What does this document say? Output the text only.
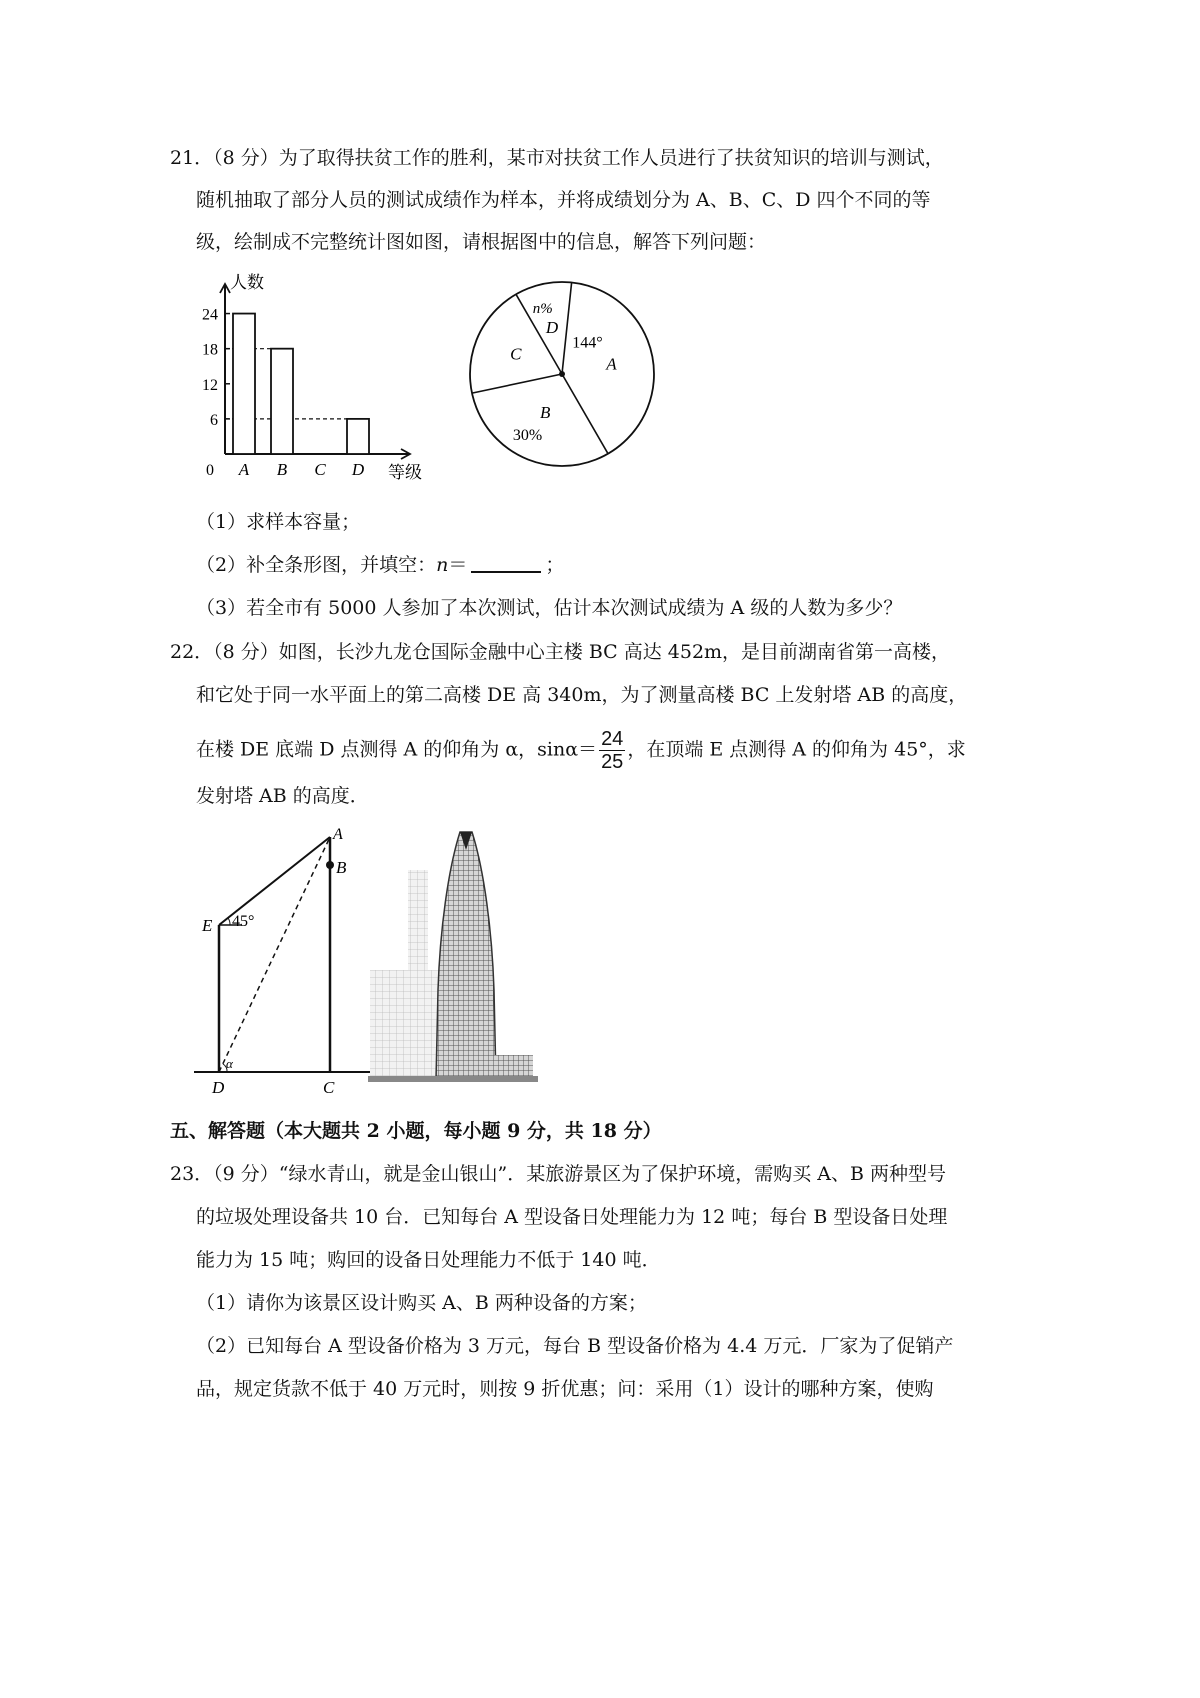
21．（8 分）为了取得扶贫工作的胜利，某市对扶贫工作人员进行了扶贫知识的培训与测试，
随机抽取了部分人员的测试成绩作为样本，并将成绩划分为 A、B、C、D 四个不同的等
级，绘制成不完整统计图如图，请根据图中的信息，解答下列问题：
人数
等级
0
6
12
18
24
A B C D
A
144°
B
30%
C
D
n%
（1）求样本容量；
（2）补全条形图，并填空：n＝	；
（3）若全市有 5000 人参加了本次测试，估计本次测试成绩为 A 级的人数为多少？
22．（8 分）如图，长沙九龙仓国际金融中心主楼 BC 高达 452m，是目前湖南省第一高楼，
和它处于同一水平面上的第二高楼 DE 高 340m，为了测量高楼 BC 上发射塔 AB 的高度，
在楼 DE 底端 D 点测得 A 的仰角为 α，$\sin\alpha= \frac{24}{25}$ ，在顶端 E 点测得 A 的仰角为 45°，求
发射塔 AB 的高度．
A
B
C
D
E 45°
α
五、解答题（本大题共 2 小题，每小题 9 分，共 18 分）
23．（9 分）“绿水青山，就是金山银山”．某旅游景区为了保护环境，需购买 A、B 两种型号
的垃圾处理设备共 10 台．已知每台 A 型设备日处理能力为 12 吨；每台 B 型设备日处理
能力为 15 吨；购回的设备日处理能力不低于 140 吨．
（1）请你为该景区设计购买 A、B 两种设备的方案；
（2）已知每台 A 型设备价格为 3 万元，每台 B 型设备价格为 4.4 万元．厂家为了促销产
品，规定货款不低于 40 万元时，则按 9 折优惠；问：采用（1）设计的哪种方案，使购
